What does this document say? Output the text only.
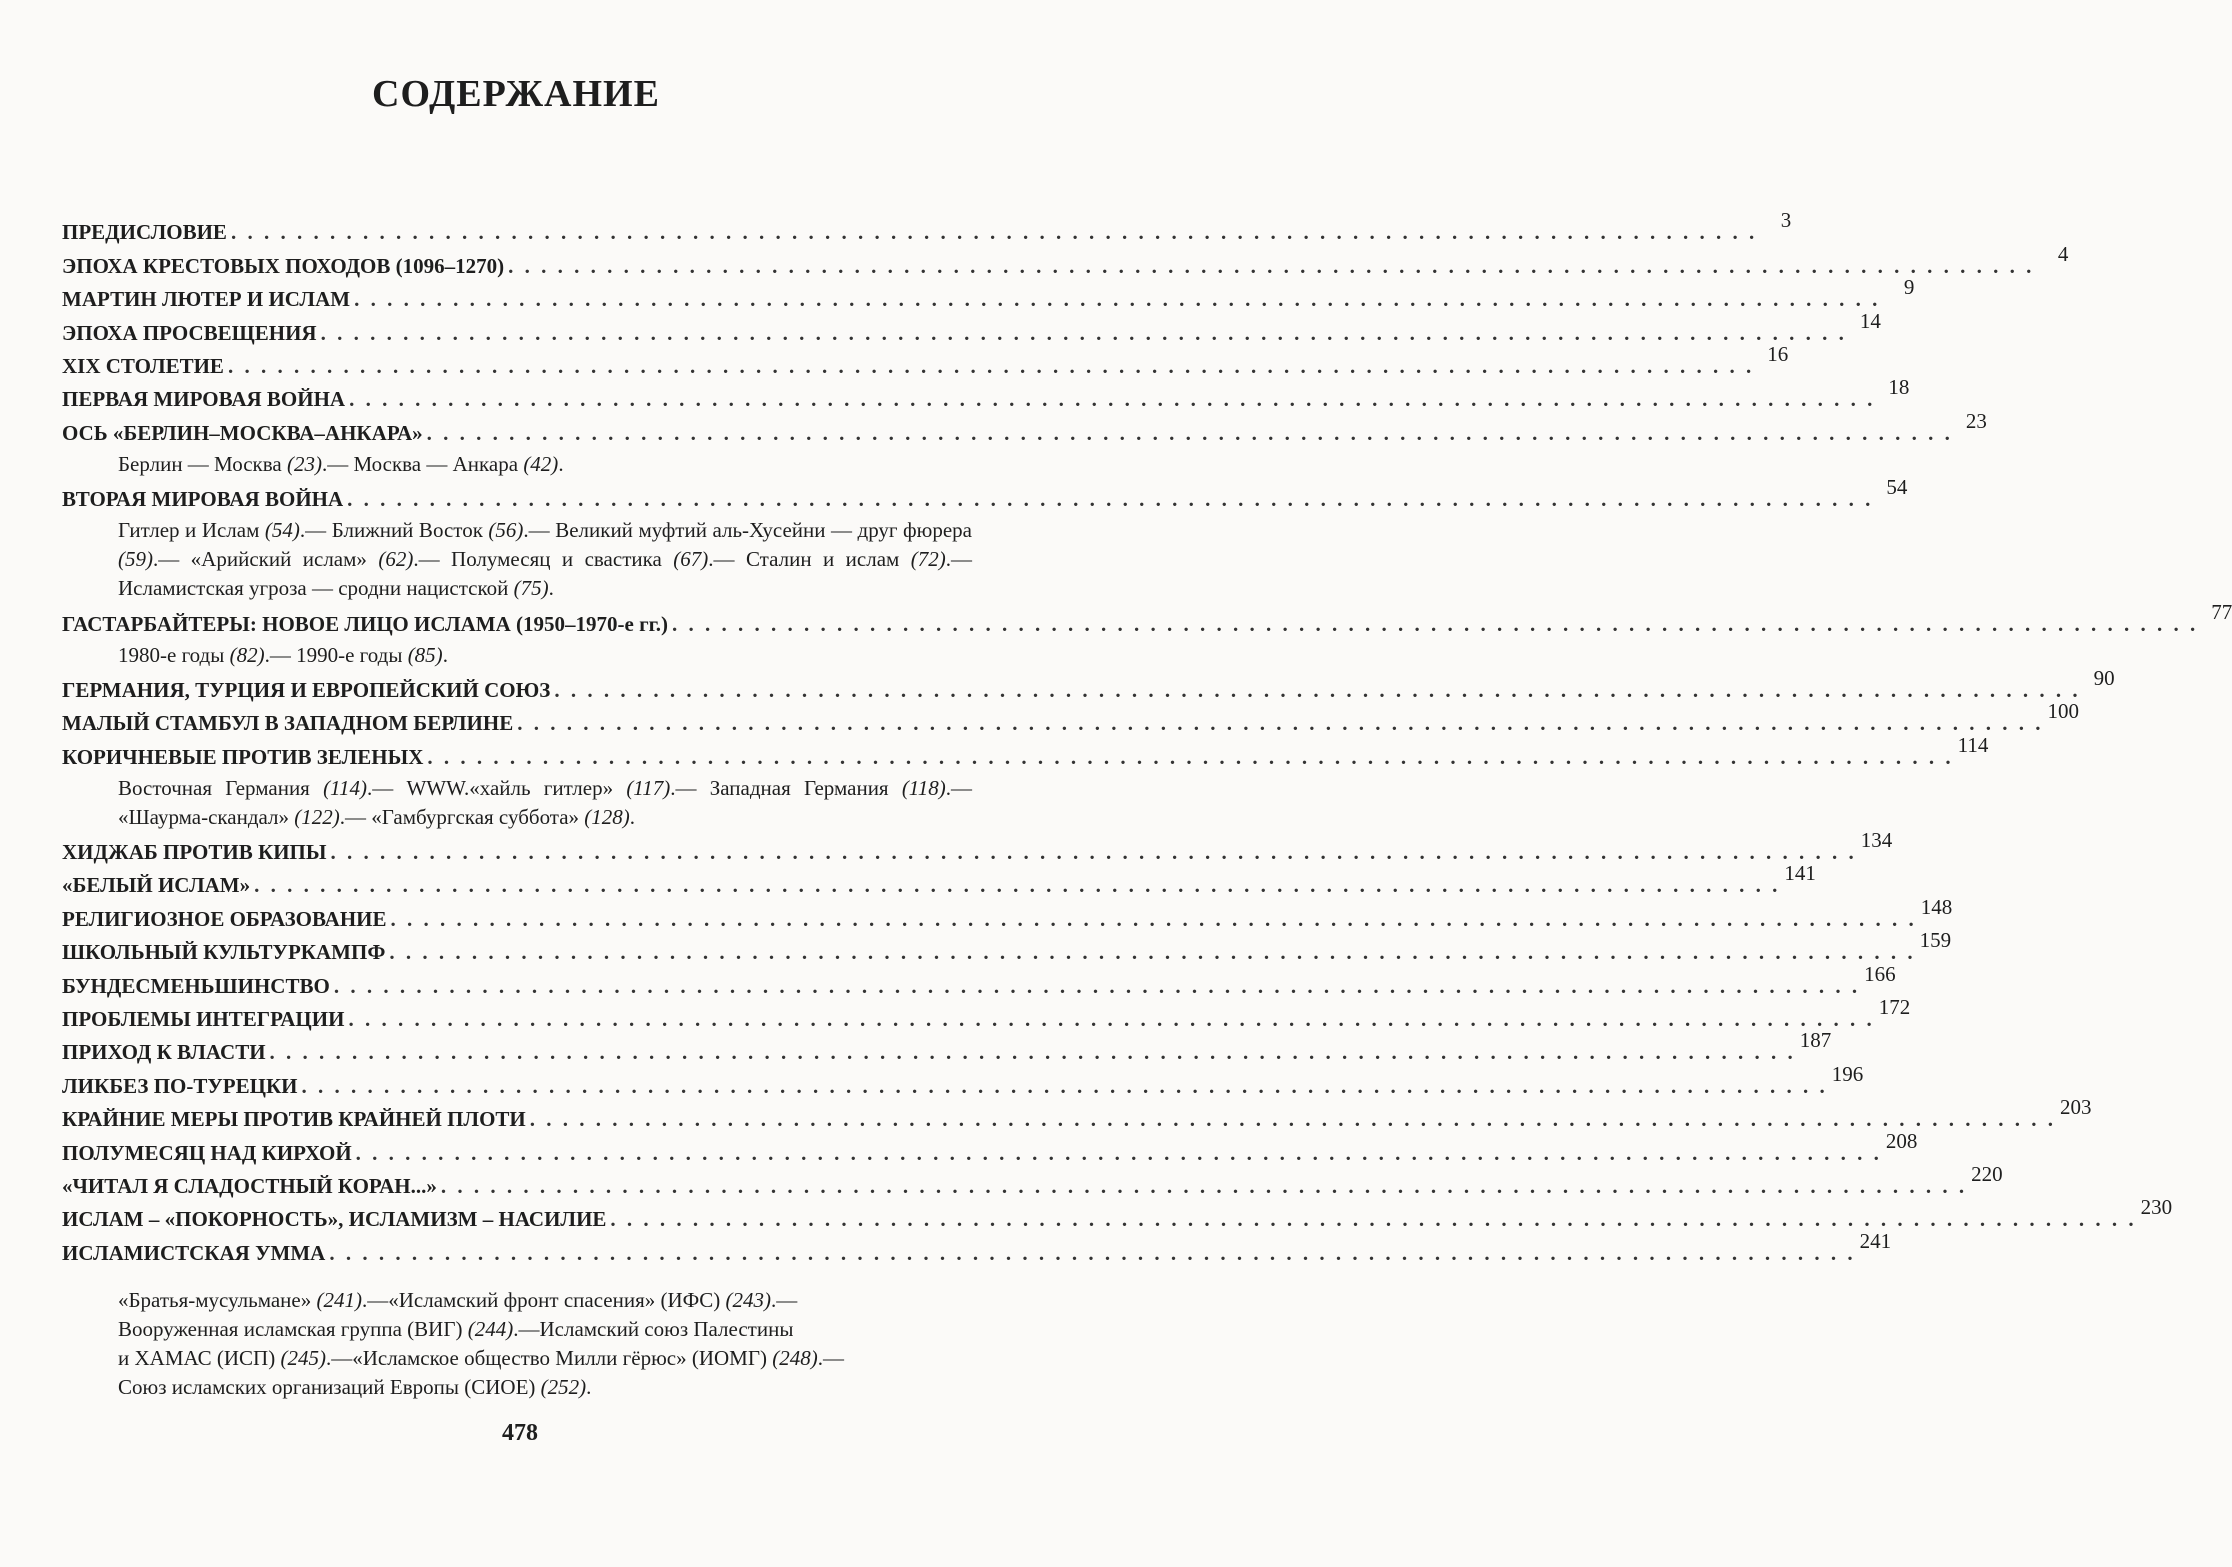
СОДЕРЖАНИЕ
ПРЕДИСЛОВИЕ . . . . . . . . . . . . . . . . . . . . . . . . . . . . . . . . . . . . . . . . . . . . . . . . . . . . . . . . . . . . . . . . . . . . . . . . . . . . . . . . . . . . . . . . . . . . .	3
ЭПОХА КРЕСТОВЫХ ПОХОДОВ (1096–1270) . . . . . . . . . . . . . . . . . . . . . . . . . . . . . . . . . . . . . . . . . . . . . . . . . . . . . . . . . . . . . . . . . . . . . . . . . . . . . . . . . . . . . . . . . . . . .	4
МАРТИН ЛЮТЕР И ИСЛАМ . . . . . . . . . . . . . . . . . . . . . . . . . . . . . . . . . . . . . . . . . . . . . . . . . . . . . . . . . . . . . . . . . . . . . . . . . . . . . . . . . . . . . . . . . . . . .	9
ЭПОХА ПРОСВЕЩЕНИЯ . . . . . . . . . . . . . . . . . . . . . . . . . . . . . . . . . . . . . . . . . . . . . . . . . . . . . . . . . . . . . . . . . . . . . . . . . . . . . . . . . . . . . . . . . . . . . 14
XIX СТОЛЕТИЕ . . . . . . . . . . . . . . . . . . . . . . . . . . . . . . . . . . . . . . . . . . . . . . . . . . . . . . . . . . . . . . . . . . . . . . . . . . . . . . . . . . . . . . . . . . . . . 16
ПЕРВАЯ МИРОВАЯ ВОЙНА . . . . . . . . . . . . . . . . . . . . . . . . . . . . . . . . . . . . . . . . . . . . . . . . . . . . . . . . . . . . . . . . . . . . . . . . . . . . . . . . . . . . . . . . . . . . . 18
ОСЬ «БЕРЛИН–МОСКВА–АНКАРА» . . . . . . . . . . . . . . . . . . . . . . . . . . . . . . . . . . . . . . . . . . . . . . . . . . . . . . . . . . . . . . . . . . . . . . . . . . . . . . . . . . . . . . . . . . . . . 23
Берлин — Москва (23).— Москва — Анкара (42).
ВТОРАЯ МИРОВАЯ ВОЙНА . . . . . . . . . . . . . . . . . . . . . . . . . . . . . . . . . . . . . . . . . . . . . . . . . . . . . . . . . . . . . . . . . . . . . . . . . . . . . . . . . . . . . . . . . . . . . 54
Гитлер и Ислам (54).— Ближний Восток (56).— Великий муфтий аль-Хусейни — друг фюрера (59).— «Арийский ислам» (62).— Полумесяц и свастика (67).— Сталин и ислам (72).— Исламистская угроза — сродни нацистской (75).
ГАСТАРБАЙТЕРЫ: НОВОЕ ЛИЦО ИСЛАМА (1950–1970-е гг.) . . . . . . . . . . . . . . . . . . . . . . . . . . . . . . . . . . . . . . . . . . . . . . . . . . . . . . . . . . . . . . . . . . . . . . . . . . . . . . . . . . . . . . . . . . . . . 77
1980-е годы (82).— 1990-е годы (85).
ГЕРМАНИЯ, ТУРЦИЯ И ЕВРОПЕЙСКИЙ СОЮЗ . . . . . . . . . . . . . . . . . . . . . . . . . . . . . . . . . . . . . . . . . . . . . . . . . . . . . . . . . . . . . . . . . . . . . . . . . . . . . . . . . . . . . . . . . . . . . 90
МАЛЫЙ СТАМБУЛ В ЗАПАДНОМ БЕРЛИНЕ . . . . . . . . . . . . . . . . . . . . . . . . . . . . . . . . . . . . . . . . . . . . . . . . . . . . . . . . . . . . . . . . . . . . . . . . . . . . . . . . . . . . . . . . . . . . . 100
КОРИЧНЕВЫЕ ПРОТИВ ЗЕЛЕНЫХ . . . . . . . . . . . . . . . . . . . . . . . . . . . . . . . . . . . . . . . . . . . . . . . . . . . . . . . . . . . . . . . . . . . . . . . . . . . . . . . . . . . . . . . . . . . . . 114
Восточная Германия (114).— WWW.«хайль гитлер» (117).— Западная Германия (118).— «Шаурма-скандал» (122).— «Гамбургская суббота» (128).
ХИДЖАБ ПРОТИВ КИПЫ . . . . . . . . . . . . . . . . . . . . . . . . . . . . . . . . . . . . . . . . . . . . . . . . . . . . . . . . . . . . . . . . . . . . . . . . . . . . . . . . . . . . . . . . . . . . . 134
«БЕЛЫЙ ИСЛАМ» . . . . . . . . . . . . . . . . . . . . . . . . . . . . . . . . . . . . . . . . . . . . . . . . . . . . . . . . . . . . . . . . . . . . . . . . . . . . . . . . . . . . . . . . . . . . . 141
РЕЛИГИОЗНОЕ ОБРАЗОВАНИЕ . . . . . . . . . . . . . . . . . . . . . . . . . . . . . . . . . . . . . . . . . . . . . . . . . . . . . . . . . . . . . . . . . . . . . . . . . . . . . . . . . . . . . . . . . . . . . 148
ШКОЛЬНЫЙ КУЛЬТУРКАМПФ . . . . . . . . . . . . . . . . . . . . . . . . . . . . . . . . . . . . . . . . . . . . . . . . . . . . . . . . . . . . . . . . . . . . . . . . . . . . . . . . . . . . . . . . . . . . . 159
БУНДЕСМЕНЬШИНСТВО . . . . . . . . . . . . . . . . . . . . . . . . . . . . . . . . . . . . . . . . . . . . . . . . . . . . . . . . . . . . . . . . . . . . . . . . . . . . . . . . . . . . . . . . . . . . . 166
ПРОБЛЕМЫ ИНТЕГРАЦИИ . . . . . . . . . . . . . . . . . . . . . . . . . . . . . . . . . . . . . . . . . . . . . . . . . . . . . . . . . . . . . . . . . . . . . . . . . . . . . . . . . . . . . . . . . . . . . 172
ПРИХОД К ВЛАСТИ . . . . . . . . . . . . . . . . . . . . . . . . . . . . . . . . . . . . . . . . . . . . . . . . . . . . . . . . . . . . . . . . . . . . . . . . . . . . . . . . . . . . . . . . . . . . . 187
ЛИКБЕЗ ПО-ТУРЕЦКИ . . . . . . . . . . . . . . . . . . . . . . . . . . . . . . . . . . . . . . . . . . . . . . . . . . . . . . . . . . . . . . . . . . . . . . . . . . . . . . . . . . . . . . . . . . . . . 196
КРАЙНИЕ МЕРЫ ПРОТИВ КРАЙНЕЙ ПЛОТИ . . . . . . . . . . . . . . . . . . . . . . . . . . . . . . . . . . . . . . . . . . . . . . . . . . . . . . . . . . . . . . . . . . . . . . . . . . . . . . . . . . . . . . . . . . . . . 203
ПОЛУМЕСЯЦ НАД КИРХОЙ . . . . . . . . . . . . . . . . . . . . . . . . . . . . . . . . . . . . . . . . . . . . . . . . . . . . . . . . . . . . . . . . . . . . . . . . . . . . . . . . . . . . . . . . . . . . . 208
«ЧИТАЛ Я СЛАДОСТНЫЙ КОРАН...» . . . . . . . . . . . . . . . . . . . . . . . . . . . . . . . . . . . . . . . . . . . . . . . . . . . . . . . . . . . . . . . . . . . . . . . . . . . . . . . . . . . . . . . . . . . . . 220
ИСЛАМ – «ПОКОРНОСТЬ», ИСЛАМИЗМ – НАСИЛИЕ . . . . . . . . . . . . . . . . . . . . . . . . . . . . . . . . . . . . . . . . . . . . . . . . . . . . . . . . . . . . . . . . . . . . . . . . . . . . . . . . . . . . . . . . . . . . . 230
ИСЛАМИСТСКАЯ УММА . . . . . . . . . . . . . . . . . . . . . . . . . . . . . . . . . . . . . . . . . . . . . . . . . . . . . . . . . . . . . . . . . . . . . . . . . . . . . . . . . . . . . . . . . . . . . 241
«Братья-мусульмане» (241).—«Исламский фронт спасения» (ИФС) (243).—
Вооруженная исламская группа (ВИГ) (244).—Исламский союз Палестины
и ХАМАС (ИСП) (245).—«Исламское общество Милли гёрюс» (ИОМГ) (248).—
Союз исламских организаций Европы (СИОЕ) (252).
478
